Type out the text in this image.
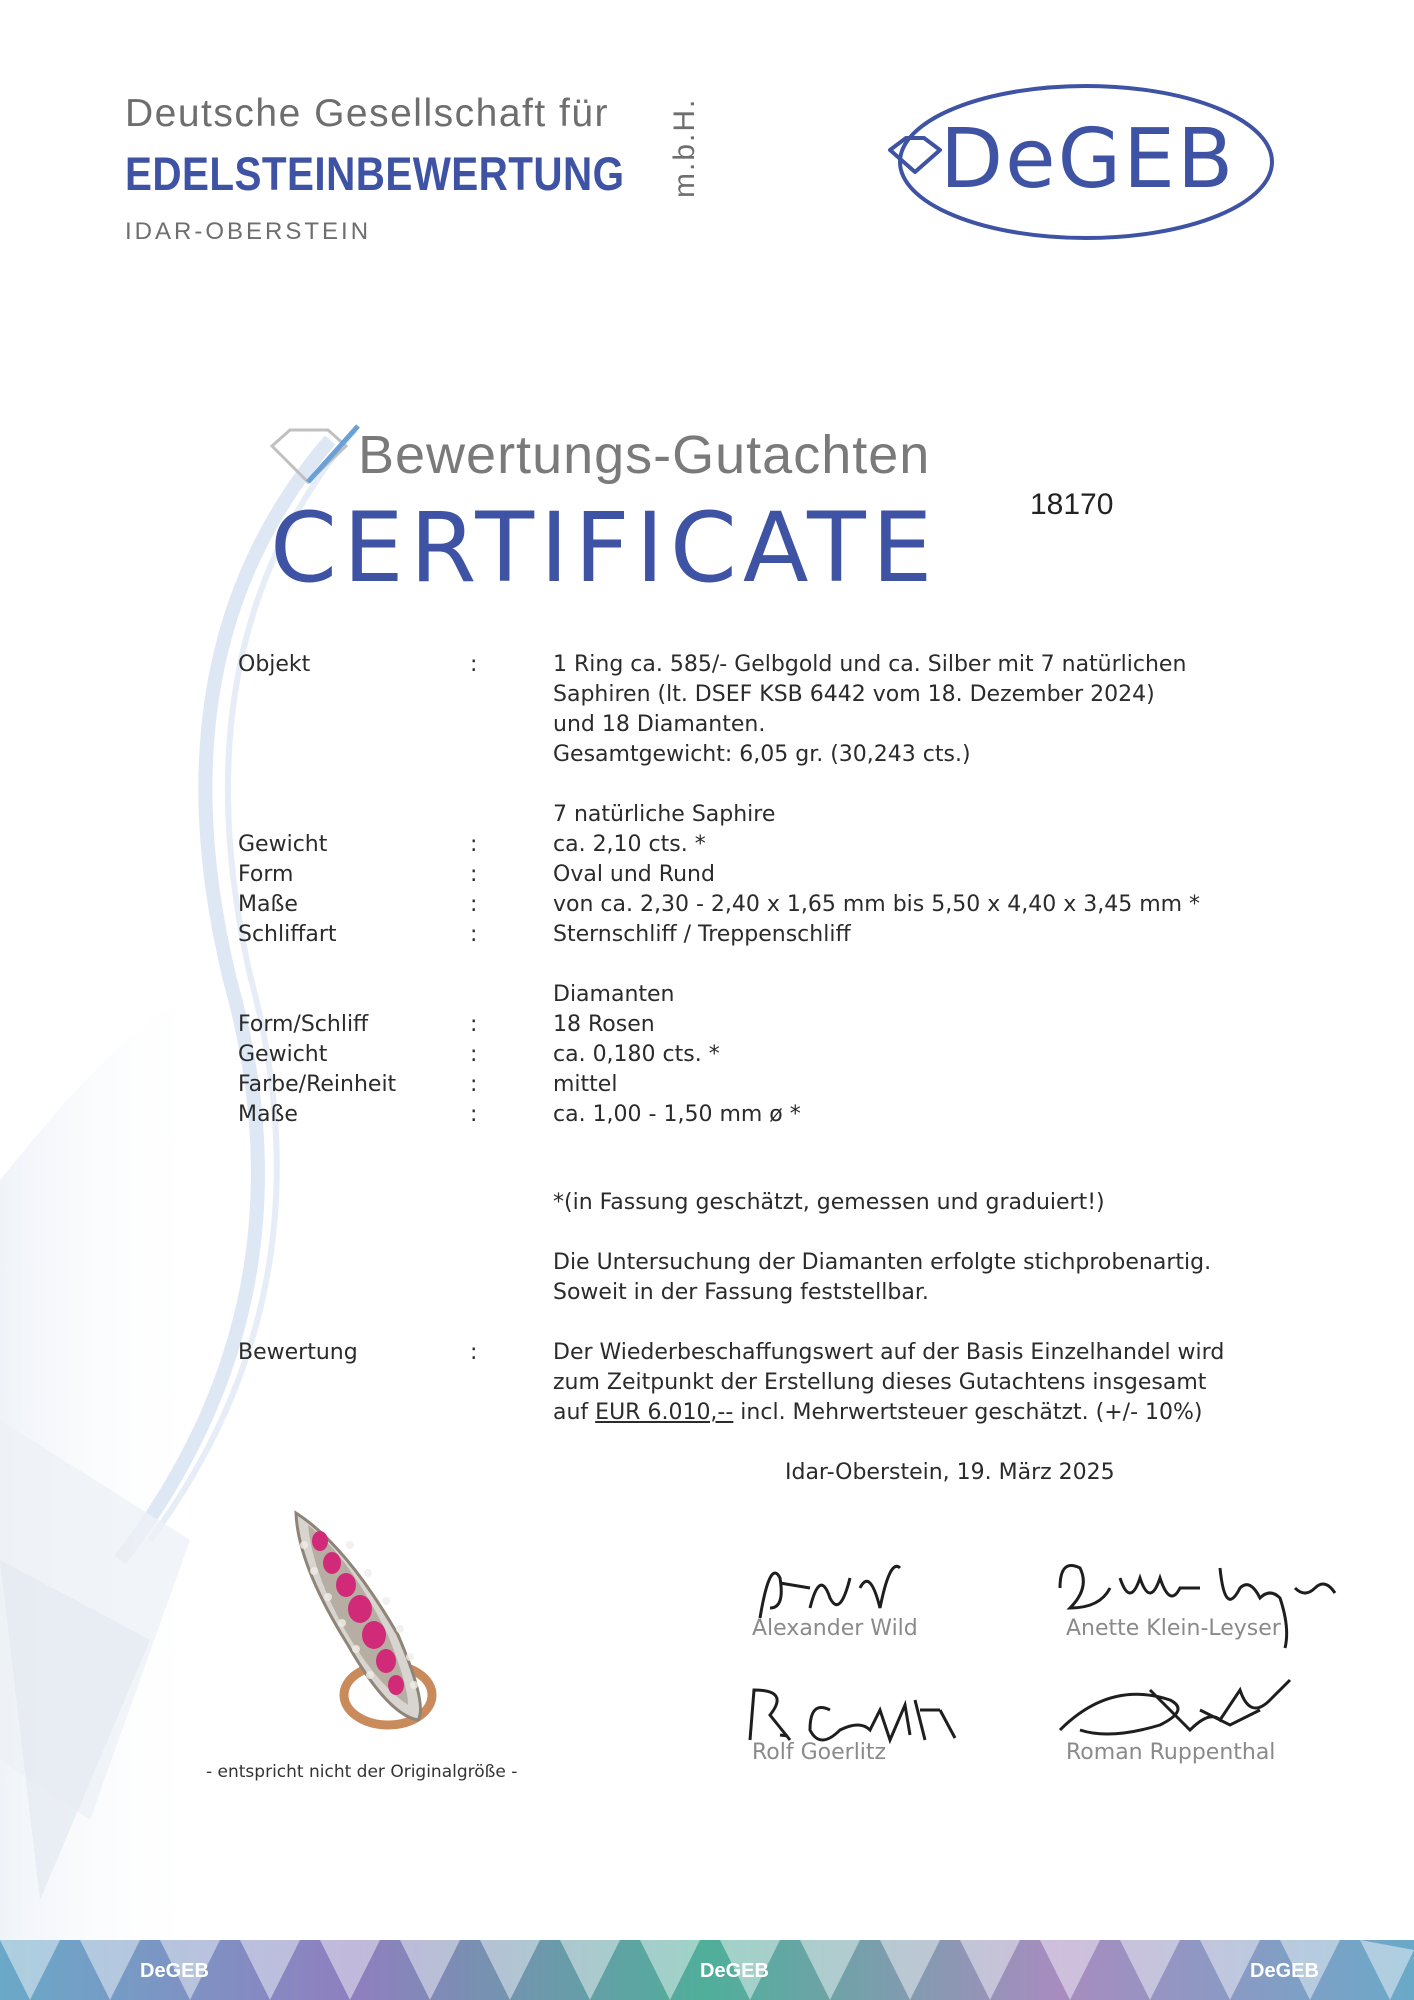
Deutsche Gesellschaft für
EDELSTEINBEWERTUNG
IDAR-OBERSTEIN
m.b.H.	DeGEB
Bewertungs-Gutachten
CERTIFICATE	18170
Objekt	:	1 Ring ca. 585/- Gelbgold und ca. Silber mit 7 natürlichen
Saphiren (lt. DSEF KSB 6442 vom 18. Dezember 2024)
und 18 Diamanten.
Gesamtgewicht: 6,05 gr. (30,243 cts.)
7 natürliche Saphire
Gewicht	:	ca. 2,10 cts. *
Form	:	Oval und Rund
Maße	:	von ca. 2,30 - 2,40 x 1,65 mm bis 5,50 x 4,40 x 3,45 mm *
Schliffart	:	Sternschliff / Treppenschliff
Diamanten
Form/Schliff	:	18 Rosen
Gewicht	:	ca. 0,180 cts. *
Farbe/Reinheit	:	mittel
Maße	:	ca. 1,00 - 1,50 mm ø *
*(in Fassung geschätzt, gemessen und graduiert!)
Die Untersuchung der Diamanten erfolgte stichprobenartig.
Soweit in der Fassung feststellbar.
Bewertung	:	Der Wiederbeschaffungswert auf der Basis Einzelhandel wird
zum Zeitpunkt der Erstellung dieses Gutachtens insgesamt
auf EUR 6.010,-- incl. Mehrwertsteuer geschätzt. (+/- 10%)
Idar-Oberstein, 19. März 2025
- entspricht nicht der Originalgröße -
Alexander Wild	Anette Klein-Leyser
Rolf Goerlitz	Roman Ruppenthal
DeGEB	DeGEB	DeGEB
